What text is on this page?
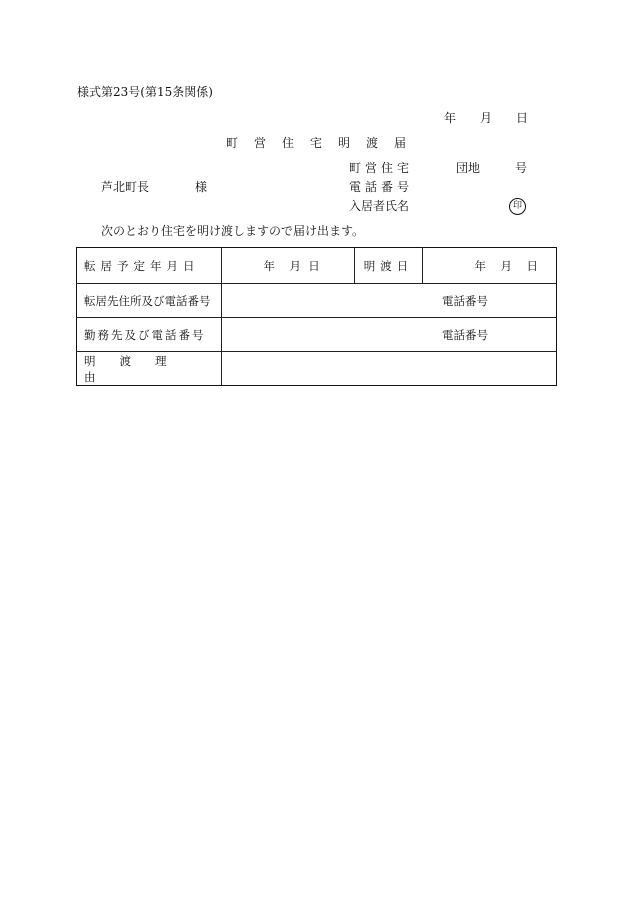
様式第23号(第15条関係)
年 月 日
町営住宅明渡届
芦北町長	様
町営住宅	団地	号
電話番号
入居者氏名	印
次のとおり住宅を明け渡しますので届け出ます。
転居予定年月日	年 月 日	明渡日	年 月 日

転居先住所及び電話番号	電話番号		

勤務先及び電話番号	電話番号		

明渡理由			
